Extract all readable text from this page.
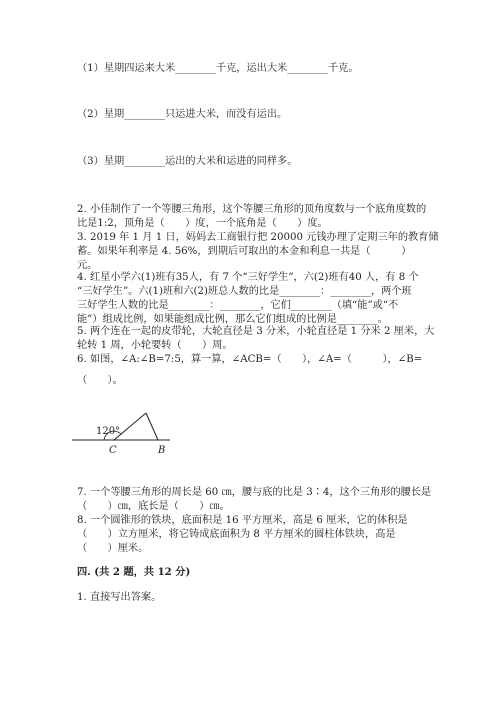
（1）星期四运来大米________千克，运出大米________千克。
（2）星期________只运进大米，而没有运出。
（3）星期________运出的大米和运进的同样多。
2. 小佳制作了一个等腰三角形，这个等腰三角形的顶角度数与一个底角度数的
比是1:2，顶角是（　　）度，一个底角是（　　）度。
3. 2019 年 1 月 1 日，妈妈去工商银行把 20000 元钱办理了定期三年的教育储
蓄。如果年利率是 4. 56%，到期后可取出的本金和利息一共是（　　　）
元。
4. 红星小学六(1)班有35人，有 7 个“三好学生”，六(2)班有40 人，有 8 个
“三好学生”。六(1)班和六(2)班总人数的比是________：________，两个班
三好学生人数的比是________：________，它们________（填“能”或“不
能”）组成比例，如果能组成比例，那么它们组成的比例是________。
5. 两个连在一起的皮带轮，大轮直径是 3 分米，小轮直径是 1 分米 2 厘米，大
轮转 1 周，小轮要转（　　）周。
6. 如图，∠A:∠B=7:5，算一算，∠ACB=（　　），∠A=（　　　），∠B=
（　　）。
120°
C	B
7. 一个等腰三角形的周长是 60 ㎝，腰与底的比是 3∶4，这个三角形的腰长是
（　　）㎝，底长是（　　）㎝。
8. 一个圆锥形的铁块，底面积是 16 平方厘米，高是 6 厘米，它的体积是
（　　）立方厘米，将它铸成底面积为 8 平方厘米的圆柱体铁块，高是
（　　）厘米。
四. (共 2 题，共 12 分)
1. 直接写出答案。
